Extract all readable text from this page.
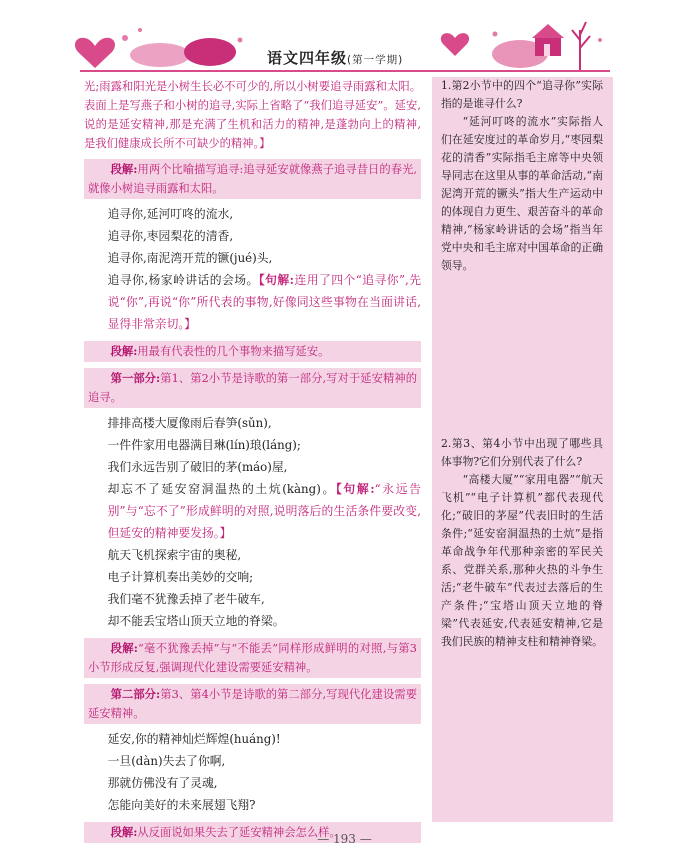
语文四年级(第一学期)

光;雨露和阳光是小树生长必不可少的,所以小树要追寻雨露和太阳。表面上是写燕子和小树的追寻,实际上省略了“我们追寻延安”。延安,说的是延安精神,那是充满了生机和活力的精神,是蓬勃向上的精神,是我们健康成长所不可缺少的精神。】

段解:用两个比喻描写追寻:追寻延安就像燕子追寻昔日的春光,就像小树追寻雨露和太阳。

追寻你,延河叮咚的流水,

追寻你,枣园梨花的清香,

追寻你,南泥湾开荒的镢(jué)头,

追寻你,杨家岭讲话的会场。【句解:连用了四个“追寻你”,先说“你”,再说“你”所代表的事物,好像同这些事物在当面讲话,显得非常亲切。】

段解:用最有代表性的几个事物来描写延安。
第一部分:第1、第2小节是诗歌的第一部分,写对于延安精神的追寻。

排排高楼大厦像雨后春笋(sǔn),

一件件家用电器满目琳(lín)琅(láng);

我们永远告别了破旧的茅(máo)屋,

却忘不了延安窑洞温热的土炕(kàng)。【句解:“永远告别”与“忘不了”形成鲜明的对照,说明落后的生活条件要改变,但延安的精神要发扬。】

航天飞机探索宇宙的奥秘,

电子计算机奏出美妙的交响;

我们毫不犹豫丢掉了老牛破车,

却不能丢宝塔山顶天立地的脊梁。

段解:“毫不犹豫丢掉”与“不能丢”同样形成鲜明的对照,与第3小节形成反复,强调现代化建设需要延安精神。
第二部分:第3、第4小节是诗歌的第二部分,写现代化建设需要延安精神。

延安,你的精神灿烂辉煌(huáng)!

一旦(dàn)失去了你啊,

那就仿佛没有了灵魂,

怎能向美好的未来展翅飞翔?

段解:从反面说如果失去了延安精神会怎么样。

1.第2小节中的四个“追寻你”实际指的是谁寻什么?

“延河叮咚的流水”实际指人们在延安度过的革命岁月,“枣园梨花的清香”实际指毛主席等中央领导同志在这里从事的革命活动,“南泥湾开荒的镢头”指大生产运动中的体现自力更生、艰苦奋斗的革命精神,“杨家岭讲话的会场”指当年党中央和毛主席对中国革命的正确领导。

2.第3、第4小节中出现了哪些具体事物?它们分别代表了什么?

“高楼大厦”“家用电器”“航天飞机”“电子计算机”都代表现代化;“破旧的茅屋”代表旧时的生活条件;“延安窑洞温热的土炕”是指革命战争年代那种亲密的军民关系、党群关系,那种火热的斗争生活;“老牛破车”代表过去落后的生产条件;“宝塔山顶天立地的脊梁”代表延安,代表延安精神,它是我们民族的精神支柱和精神脊梁。

— 193 —
